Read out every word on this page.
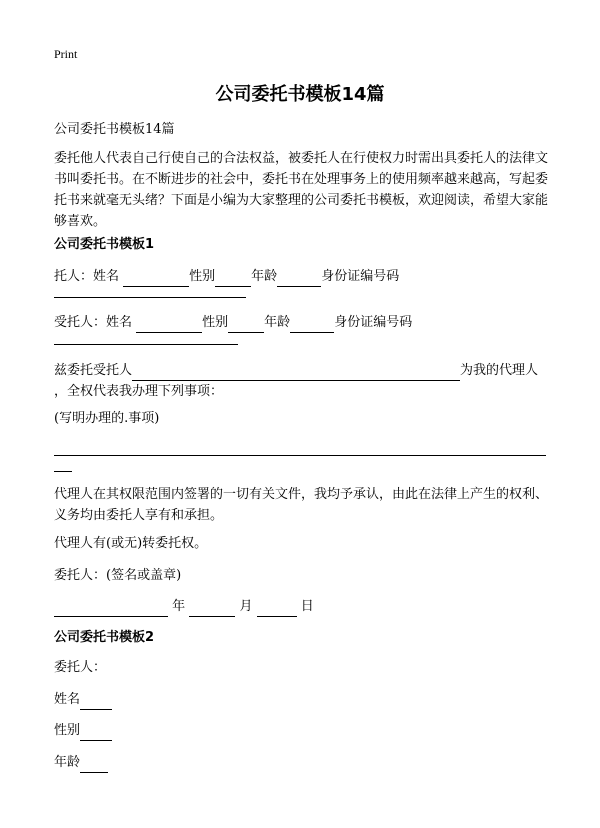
Print
公司委托书模板14篇

公司委托书模板14篇

委托他人代表自己行使自己的合法权益，被委托人在行使权力时需出具委托人的法律文书叫委托书。在不断进步的社会中，委托书在处理事务上的使用频率越来越高，写起委托书来就毫无头绪？下面是小编为大家整理的公司委托书模板，欢迎阅读，希望大家能够喜欢。

公司委托书模板1

托人：姓名	性别	年龄	身份证编号码

受托人：姓名	性别	年龄	身份证编号码

兹委托受托人	为我的代理人

，全权代表我办理下列事项：

(写明办理的.事项)

代理人在其权限范围内签署的一切有关文件，我均予承认，由此在法律上产生的权利、义务均由委托人享有和承担。

代理人有(或无)转委托权。

委托人：(签名或盖章)

年	月	日

公司委托书模板2

委托人：

姓名

性别

年龄
